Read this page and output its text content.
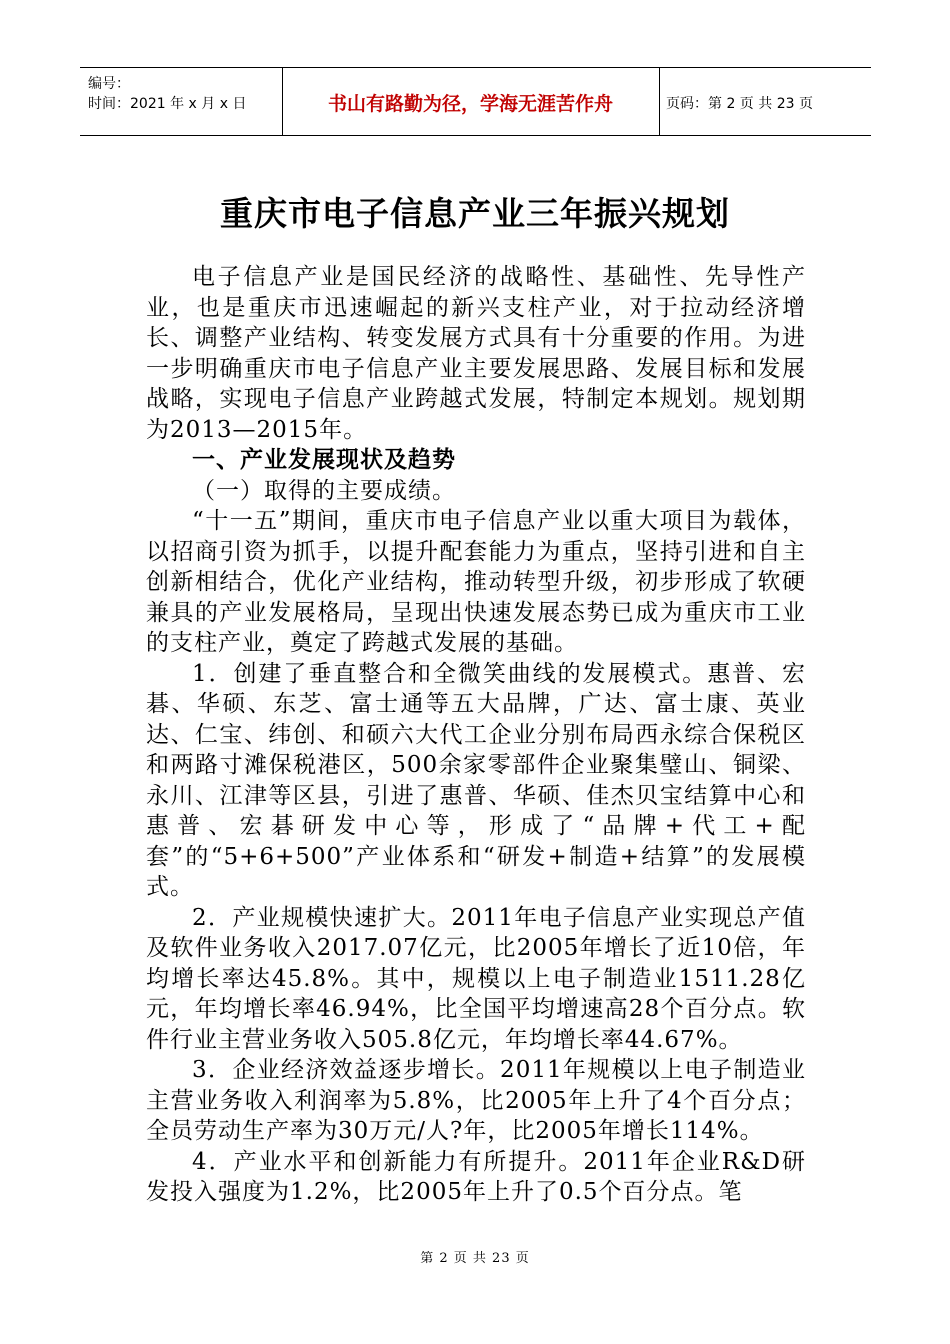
编号：
时间：2021 年 x 月 x 日	书山有路勤为径，学海无涯苦作舟	页码：第 2 页 共 23 页
重庆市电子信息产业三年振兴规划

电子信息产业是国民经济的战略性、基础性、先导性产业，也是重庆市迅速崛起的新兴支柱产业，对于拉动经济增长、调整产业结构、转变发展方式具有十分重要的作用。为进一步明确重庆市电子信息产业主要发展思路、发展目标和发展战略，实现电子信息产业跨越式发展，特制定本规划。规划期为2013—2015年。

一、产业发展现状及趋势

（一）取得的主要成绩。

“十一五”期间，重庆市电子信息产业以重大项目为载体，以招商引资为抓手，以提升配套能力为重点，坚持引进和自主创新相结合，优化产业结构，推动转型升级，初步形成了软硬兼具的产业发展格局，呈现出快速发展态势已成为重庆市工业的支柱产业，奠定了跨越式发展的基础。

1．创建了垂直整合和全微笑曲线的发展模式。惠普、宏碁、华硕、东芝、富士通等五大品牌，广达、富士康、英业达、仁宝、纬创、和硕六大代工企业分别布局西永综合保税区和两路寸滩保税港区，500余家零部件企业聚集璧山、铜梁、永川、江津等区县，引进了惠普、华硕、佳杰贝宝结算中心和惠普、宏碁研发中心等，形成了“品牌+代工+配套”的“5+6+500”产业体系和“研发+制造+结算”的发展模式。

2．产业规模快速扩大。2011年电子信息产业实现总产值及软件业务收入2017.07亿元，比2005年增长了近10倍，年均增长率达45.8%。其中，规模以上电子制造业1511.28亿元，年均增长率46.94%，比全国平均增速高28个百分点。软件行业主营业务收入505.8亿元，年均增长率44.67%。

3．企业经济效益逐步增长。2011年规模以上电子制造业主营业务收入利润率为5.8%，比2005年上升了4个百分点；全员劳动生产率为30万元/人?年，比2005年增长114%。

4．产业水平和创新能力有所提升。2011年企业R&D研发投入强度为1.2%，比2005年上升了0.5个百分点。笔

第 2 页 共 23 页
